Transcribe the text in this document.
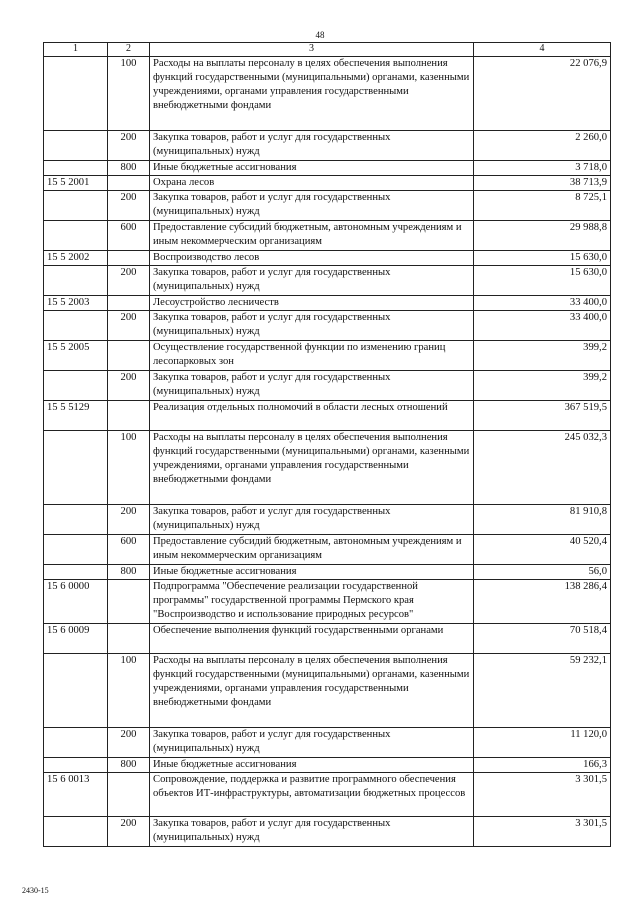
48
1	2	3	4
	100	Расходы на выплаты персоналу в целях обеспечения выполнения функций государственными (муниципальными) органами, казенными учреждениями, органами управления государственными внебюджетными фондами	22 076,9
	200	Закупка товаров, работ и услуг для государственных (муниципальных) нужд	2 260,0
	800	Иные бюджетные ассигнования	3 718,0
15 5 2001		Охрана лесов	38 713,9
	200	Закупка товаров, работ и услуг для государственных (муниципальных) нужд	8 725,1
	600	Предоставление субсидий бюджетным, автономным учреждениям и иным некоммерческим организациям	29 988,8
15 5 2002		Воспроизводство лесов	15 630,0
	200	Закупка товаров, работ и услуг для государственных (муниципальных) нужд	15 630,0
15 5 2003		Лесоустройство лесничеств	33 400,0
	200	Закупка товаров, работ и услуг для государственных (муниципальных) нужд	33 400,0
15 5 2005		Осуществление государственной функции по изменению границ лесопарковых зон	399,2
	200	Закупка товаров, работ и услуг для государственных (муниципальных) нужд	399,2
15 5 5129		Реализация отдельных полномочий в области лесных отношений	367 519,5
	100	Расходы на выплаты персоналу в целях обеспечения выполнения функций государственными (муниципальными) органами, казенными учреждениями, органами управления государственными внебюджетными фондами	245 032,3
	200	Закупка товаров, работ и услуг для государственных (муниципальных) нужд	81 910,8
	600	Предоставление субсидий бюджетным, автономным учреждениям и иным некоммерческим организациям	40 520,4
	800	Иные бюджетные ассигнования	56,0
15 6 0000		Подпрограмма "Обеспечение реализации государственной программы" государственной программы Пермского края "Воспроизводство и использование природных ресурсов"	138 286,4
15 6 0009		Обеспечение выполнения функций государственными органами	70 518,4
	100	Расходы на выплаты персоналу в целях обеспечения выполнения функций государственными (муниципальными) органами, казенными учреждениями, органами управления государственными внебюджетными фондами	59 232,1
	200	Закупка товаров, работ и услуг для государственных (муниципальных) нужд	11 120,0
	800	Иные бюджетные ассигнования	166,3
15 6 0013		Сопровождение, поддержка и развитие программного обеспечения объектов ИТ-инфраструктуры, автоматизации бюджетных процессов	3 301,5
	200	Закупка товаров, работ и услуг для государственных (муниципальных) нужд	3 301,5
2430-15
